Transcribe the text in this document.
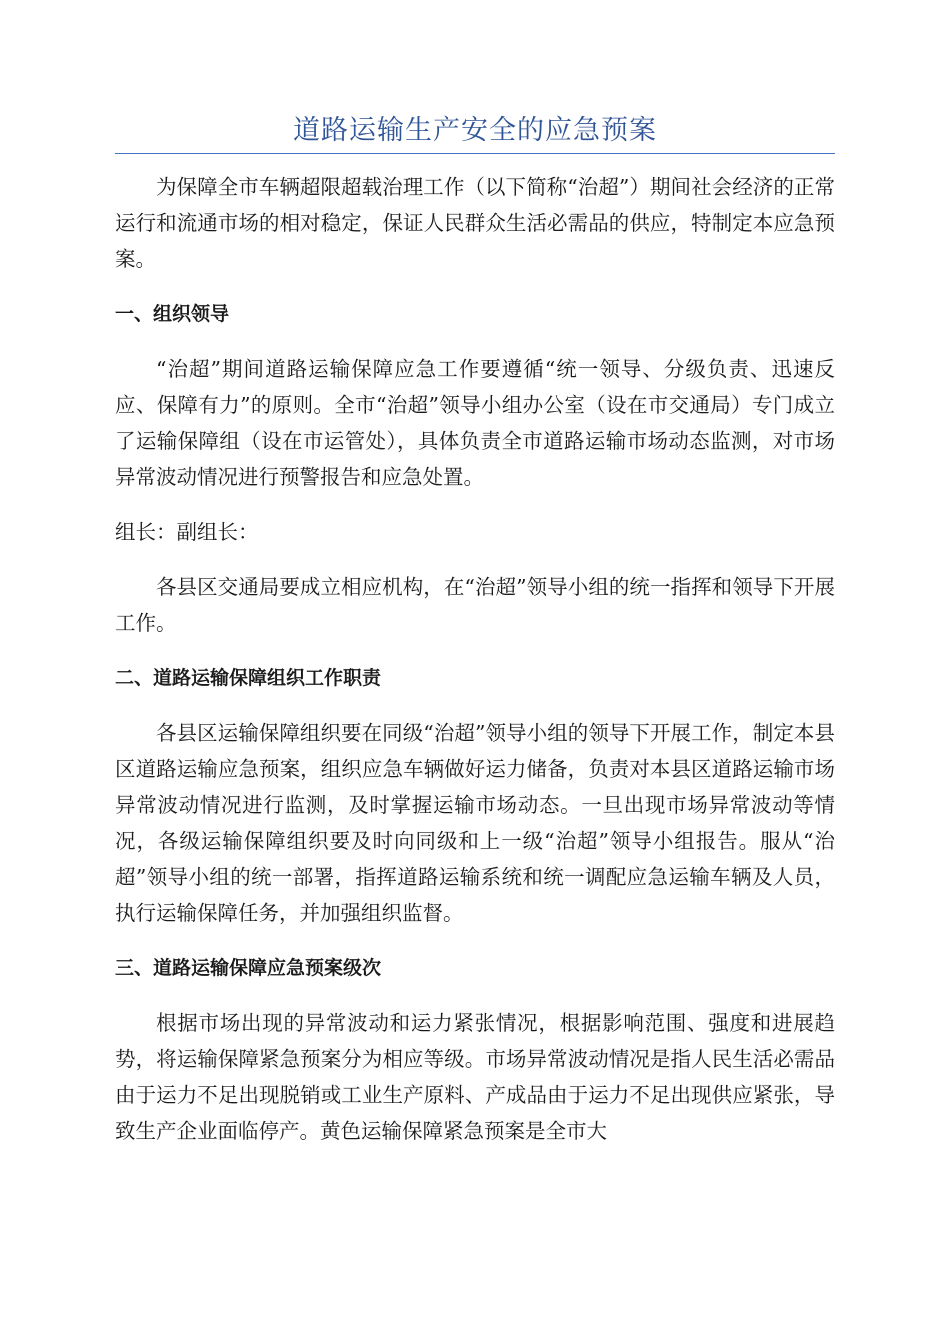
道路运输生产安全的应急预案

为保障全市车辆超限超载治理工作（以下简称“治超”）期间社会经济的正常运行和流通市场的相对稳定，保证人民群众生活必需品的供应，特制定本应急预案。

一、组织领导

“治超”期间道路运输保障应急工作要遵循“统一领导、分级负责、迅速反应、保障有力”的原则。全市“治超”领导小组办公室（设在市交通局）专门成立了运输保障组（设在市运管处），具体负责全市道路运输市场动态监测，对市场异常波动情况进行预警报告和应急处置。

组长：副组长：

各县区交通局要成立相应机构，在“治超”领导小组的统一指挥和领导下开展工作。

二、道路运输保障组织工作职责

各县区运输保障组织要在同级“治超”领导小组的领导下开展工作，制定本县区道路运输应急预案，组织应急车辆做好运力储备，负责对本县区道路运输市场异常波动情况进行监测，及时掌握运输市场动态。一旦出现市场异常波动等情况，各级运输保障组织要及时向同级和上一级“治超”领导小组报告。服从“治超”领导小组的统一部署，指挥道路运输系统和统一调配应急运输车辆及人员，执行运输保障任务，并加强组织监督。

三、道路运输保障应急预案级次

根据市场出现的异常波动和运力紧张情况，根据影响范围、强度和进展趋势，将运输保障紧急预案分为相应等级。市场异常波动情况是指人民生活必需品由于运力不足出现脱销或工业生产原料、产成品由于运力不足出现供应紧张，导致生产企业面临停产。黄色运输保障紧急预案是全市大
